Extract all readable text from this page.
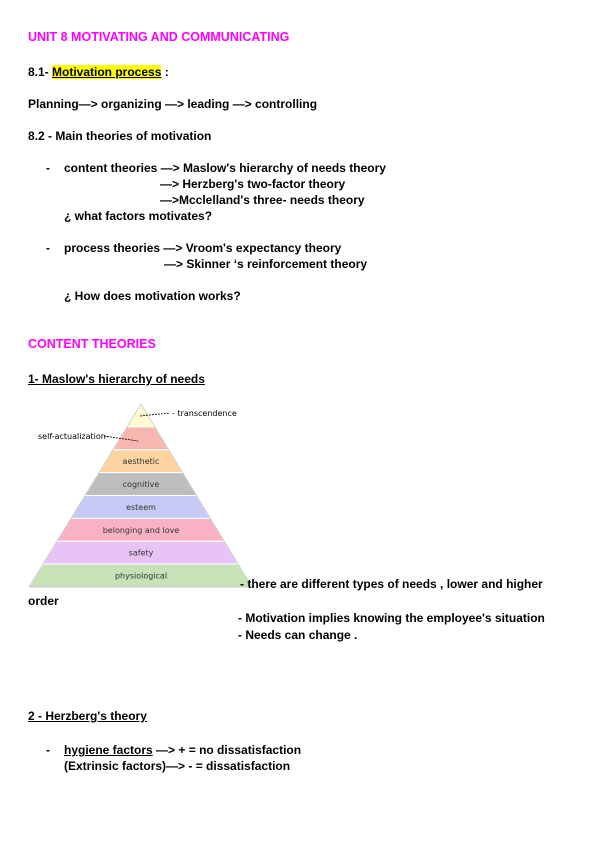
UNIT 8 MOTIVATING AND COMMUNICATING
8.1- Motivation process :
Planning—> organizing —> leading —> controlling
8.2 - Main theories of motivation
- content theories —> Maslow's hierarchy of needs theory
—> Herzberg's two-factor theory
—>Mcclelland's three- needs theory
¿ what factors motivates?
- process theories —> Vroom's expectancy theory
—> Skinner ‘s reinforcement theory
¿ How does motivation works?
CONTENT THEORIES
1- Maslow's hierarchy of needs
aesthetic
cognitive
esteem
belonging and love
safety
physiological
- transcendence
self-actualization-
- there are different types of needs , lower and higher
order
- Motivation implies knowing the employee's situation
- Needs can change .
2 - Herzberg's theory
- hygiene factors —> + = no dissatisfaction
(Extrinsic factors)—> - = dissatisfaction
